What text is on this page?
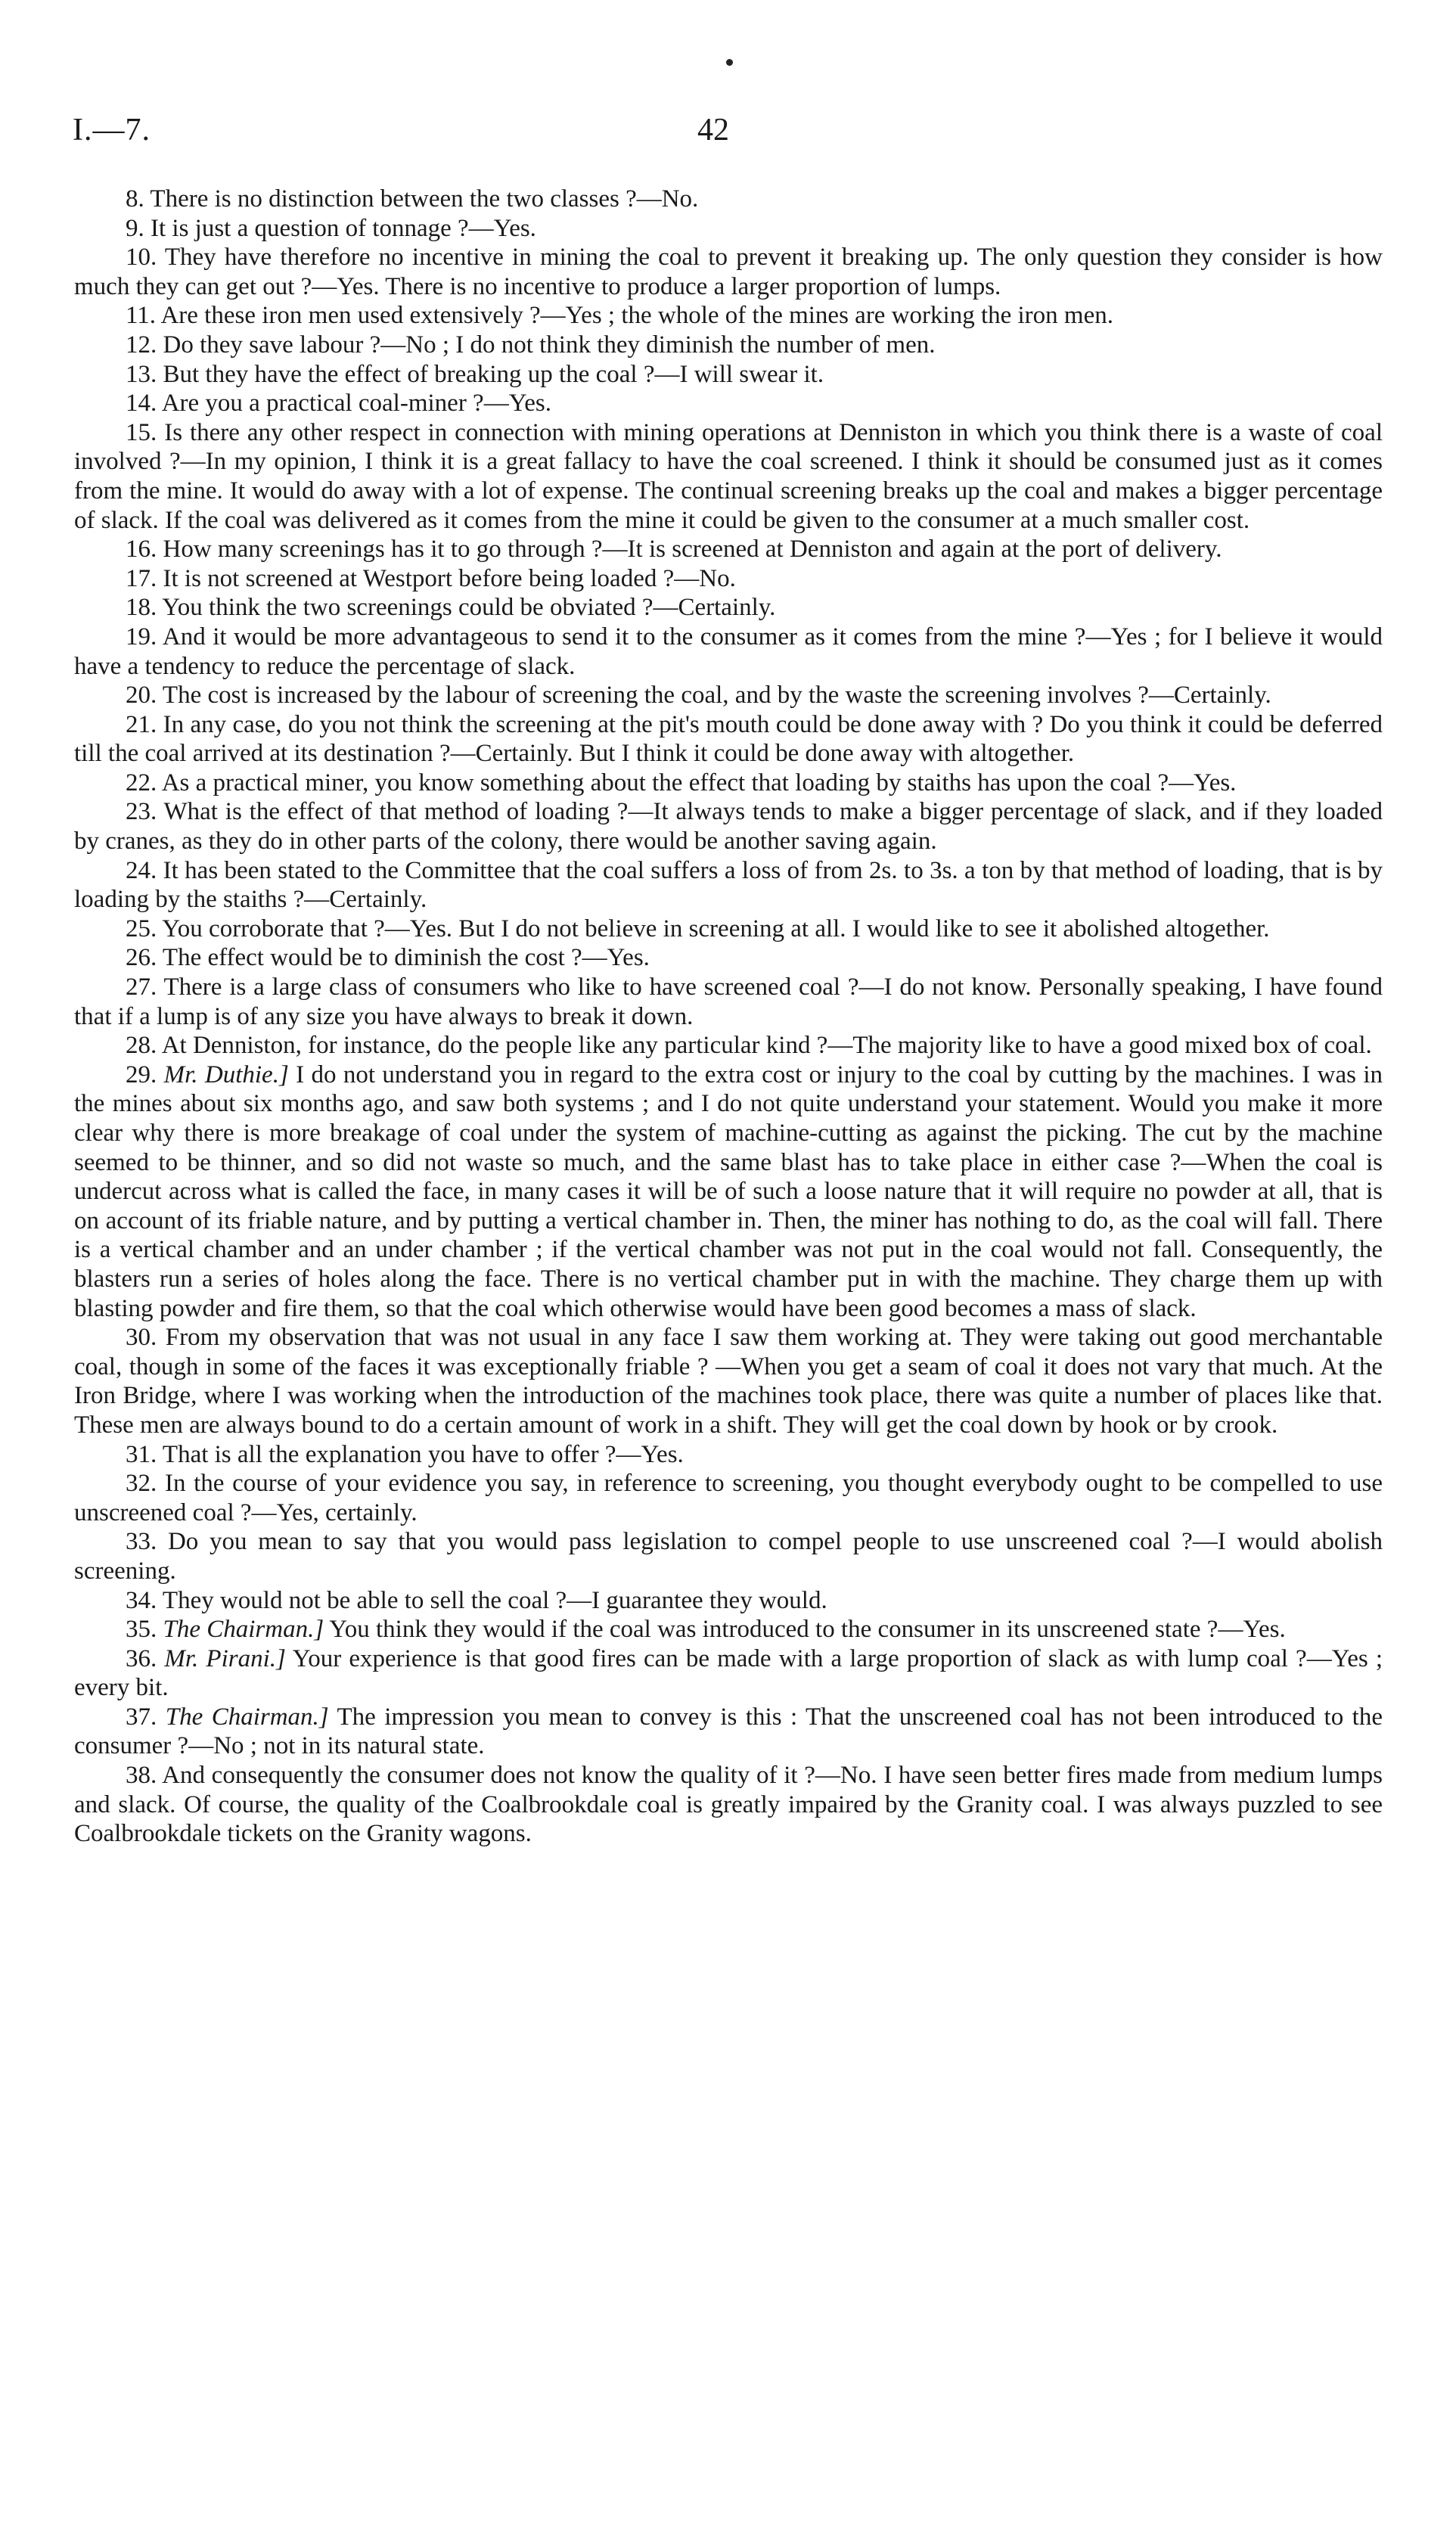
I.—7.	42

8. There is no distinction between the two classes ?—No.

9. It is just a question of tonnage ?—Yes.

10. They have therefore no incentive in mining the coal to prevent it breaking up. The only question they consider is how much they can get out ?—Yes. There is no incentive to produce a larger proportion of lumps.

11. Are these iron men used extensively ?—Yes ; the whole of the mines are working the iron men.

12. Do they save labour ?—No ; I do not think they diminish the number of men.

13. But they have the effect of breaking up the coal ?—I will swear it.

14. Are you a practical coal-miner ?—Yes.

15. Is there any other respect in connection with mining operations at Denniston in which you think there is a waste of coal involved ?—In my opinion, I think it is a great fallacy to have the coal screened. I think it should be consumed just as it comes from the mine. It would do away with a lot of expense. The continual screening breaks up the coal and makes a bigger percentage of slack. If the coal was delivered as it comes from the mine it could be given to the consumer at a much smaller cost.

16. How many screenings has it to go through ?—It is screened at Denniston and again at the port of delivery.

17. It is not screened at Westport before being loaded ?—No.

18. You think the two screenings could be obviated ?—Certainly.

19. And it would be more advantageous to send it to the consumer as it comes from the mine ?—Yes ; for I believe it would have a tendency to reduce the percentage of slack.

20. The cost is increased by the labour of screening the coal, and by the waste the screening involves ?—Certainly.

21. In any case, do you not think the screening at the pit's mouth could be done away with ? Do you think it could be deferred till the coal arrived at its destination ?—Certainly. But I think it could be done away with altogether.

22. As a practical miner, you know something about the effect that loading by staiths has upon the coal ?—Yes.

23. What is the effect of that method of loading ?—It always tends to make a bigger percentage of slack, and if they loaded by cranes, as they do in other parts of the colony, there would be another saving again.

24. It has been stated to the Committee that the coal suffers a loss of from 2s. to 3s. a ton by that method of loading, that is by loading by the staiths ?—Certainly.

25. You corroborate that ?—Yes. But I do not believe in screening at all. I would like to see it abolished altogether.

26. The effect would be to diminish the cost ?—Yes.

27. There is a large class of consumers who like to have screened coal ?—I do not know. Personally speaking, I have found that if a lump is of any size you have always to break it down.

28. At Denniston, for instance, do the people like any particular kind ?—The majority like to have a good mixed box of coal.

29. Mr. Duthie.] I do not understand you in regard to the extra cost or injury to the coal by cutting by the machines. I was in the mines about six months ago, and saw both systems ; and I do not quite understand your statement. Would you make it more clear why there is more breakage of coal under the system of machine-cutting as against the picking. The cut by the machine seemed to be thinner, and so did not waste so much, and the same blast has to take place in either case ?—When the coal is undercut across what is called the face, in many cases it will be of such a loose nature that it will require no powder at all, that is on account of its friable nature, and by putting a vertical chamber in. Then, the miner has nothing to do, as the coal will fall. There is a vertical chamber and an under chamber ; if the vertical chamber was not put in the coal would not fall. Consequently, the blasters run a series of holes along the face. There is no vertical chamber put in with the machine. They charge them up with blasting powder and fire them, so that the coal which otherwise would have been good becomes a mass of slack.

30. From my observation that was not usual in any face I saw them working at. They were taking out good merchantable coal, though in some of the faces it was exceptionally friable ? —When you get a seam of coal it does not vary that much. At the Iron Bridge, where I was working when the introduction of the machines took place, there was quite a number of places like that. These men are always bound to do a certain amount of work in a shift. They will get the coal down by hook or by crook.

31. That is all the explanation you have to offer ?—Yes.

32. In the course of your evidence you say, in reference to screening, you thought everybody ought to be compelled to use unscreened coal ?—Yes, certainly.

33. Do you mean to say that you would pass legislation to compel people to use unscreened coal ?—I would abolish screening.

34. They would not be able to sell the coal ?—I guarantee they would.

35. The Chairman.] You think they would if the coal was introduced to the consumer in its unscreened state ?—Yes.

36. Mr. Pirani.] Your experience is that good fires can be made with a large proportion of slack as with lump coal ?—Yes ; every bit.

37. The Chairman.] The impression you mean to convey is this : That the unscreened coal has not been introduced to the consumer ?—No ; not in its natural state.

38. And consequently the consumer does not know the quality of it ?—No. I have seen better fires made from medium lumps and slack. Of course, the quality of the Coalbrookdale coal is greatly impaired by the Granity coal. I was always puzzled to see Coalbrookdale tickets on the Granity wagons.
